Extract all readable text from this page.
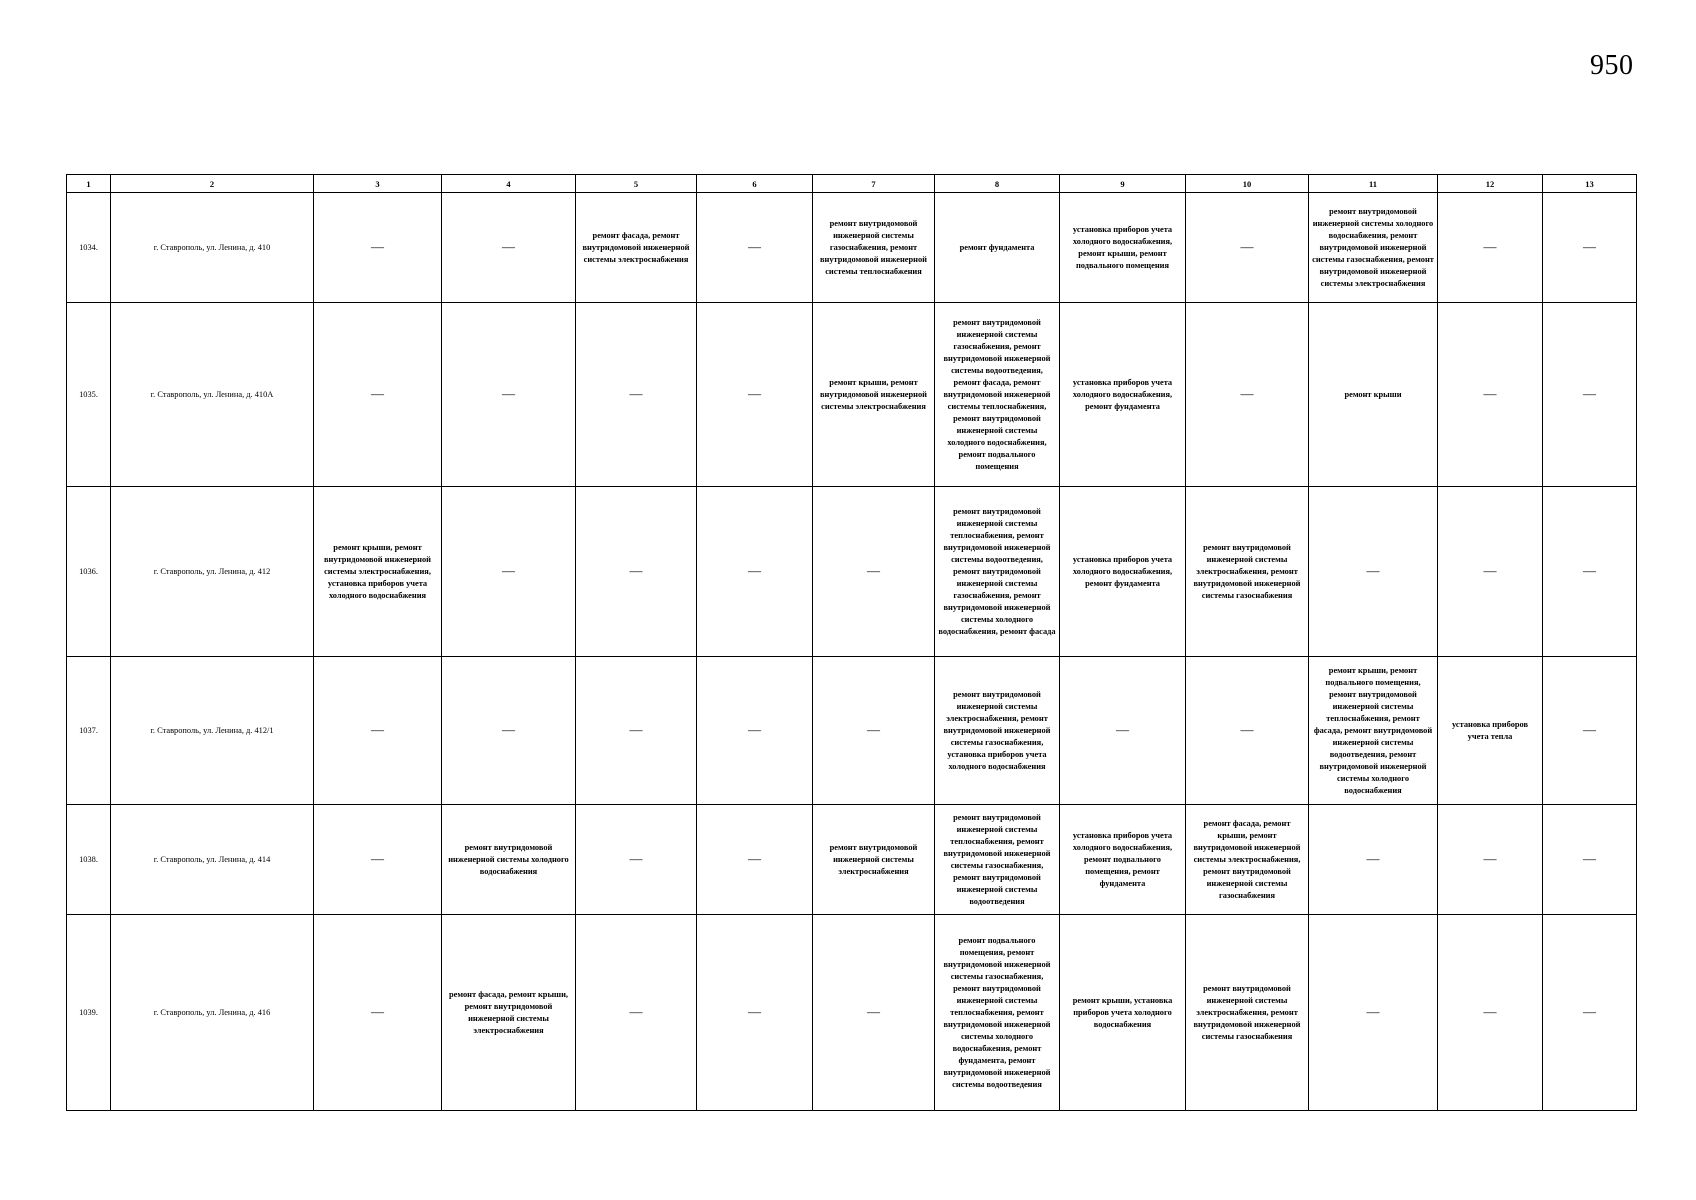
950
1	2	3	4	5	6	7	8	9	10	11	12	13
1034.	г. Ставрополь, ул. Ленина, д. 410	—	—	ремонт фасада, ремонт внутридомовой инженерной системы электроснабжения	—	ремонт внутридомовой инженерной системы газоснабжения, ремонт внутридомовой инженерной системы теплоснабжения	ремонт фундамента	установка приборов учета холодного водоснабжения, ремонт крыши, ремонт подвального помещения	—	ремонт внутридомовой инженерной системы холодного водоснабжения, ремонт внутридомовой инженерной системы газоснабжения, ремонт внутридомовой инженерной системы электроснабжения	—	—
1035.	г. Ставрополь, ул. Ленина, д. 410А	—	—	—	—	ремонт крыши, ремонт внутридомовой инженерной системы электроснабжения	ремонт внутридомовой инженерной системы газоснабжения, ремонт внутридомовой инженерной системы водоотведения, ремонт фасада, ремонт внутридомовой инженерной системы теплоснабжения, ремонт внутридомовой инженерной системы холодного водоснабжения, ремонт подвального помещения	установка приборов учета холодного водоснабжения, ремонт фундамента	—	ремонт крыши	—	—
1036.	г. Ставрополь, ул. Ленина, д. 412	ремонт крыши, ремонт внутридомовой инженерной системы электроснабжения, установка приборов учета холодного водоснабжения	—	—	—	—	ремонт внутридомовой инженерной системы теплоснабжения, ремонт внутридомовой инженерной системы водоотведения, ремонт внутридомовой инженерной системы газоснабжения, ремонт внутридомовой инженерной системы холодного водоснабжения, ремонт фасада	установка приборов учета холодного водоснабжения, ремонт фундамента	ремонт внутридомовой инженерной системы электроснабжения, ремонт внутридомовой инженерной системы газоснабжения	—	—	—
1037.	г. Ставрополь, ул. Ленина, д. 412/1	—	—	—	—	—	ремонт внутридомовой инженерной системы электроснабжения, ремонт внутридомовой инженерной системы газоснабжения, установка приборов учета холодного водоснабжения	—	—	ремонт крыши, ремонт подвального помещения, ремонт внутридомовой инженерной системы теплоснабжения, ремонт фасада, ремонт внутридомовой инженерной системы водоотведения, ремонт внутридомовой инженерной системы холодного водоснабжения	установка приборов учета тепла	—
1038.	г. Ставрополь, ул. Ленина, д. 414	—	ремонт внутридомовой инженерной системы холодного водоснабжения	—	—	ремонт внутридомовой инженерной системы электроснабжения	ремонт внутридомовой инженерной системы теплоснабжения, ремонт внутридомовой инженерной системы газоснабжения, ремонт внутридомовой инженерной системы водоотведения	установка приборов учета холодного водоснабжения, ремонт подвального помещения, ремонт фундамента	ремонт фасада, ремонт крыши, ремонт внутридомовой инженерной системы электроснабжения, ремонт внутридомовой инженерной системы газоснабжения	—	—	—
1039.	г. Ставрополь, ул. Ленина, д. 416	—	ремонт фасада, ремонт крыши, ремонт внутридомовой инженерной системы электроснабжения	—	—	—	ремонт подвального помещения, ремонт внутридомовой инженерной системы газоснабжения, ремонт внутридомовой инженерной системы теплоснабжения, ремонт внутридомовой инженерной системы холодного водоснабжения, ремонт фундамента, ремонт внутридомовой инженерной системы водоотведения	ремонт крыши, установка приборов учета холодного водоснабжения	ремонт внутридомовой инженерной системы электроснабжения, ремонт внутридомовой инженерной системы газоснабжения	—	—	—
